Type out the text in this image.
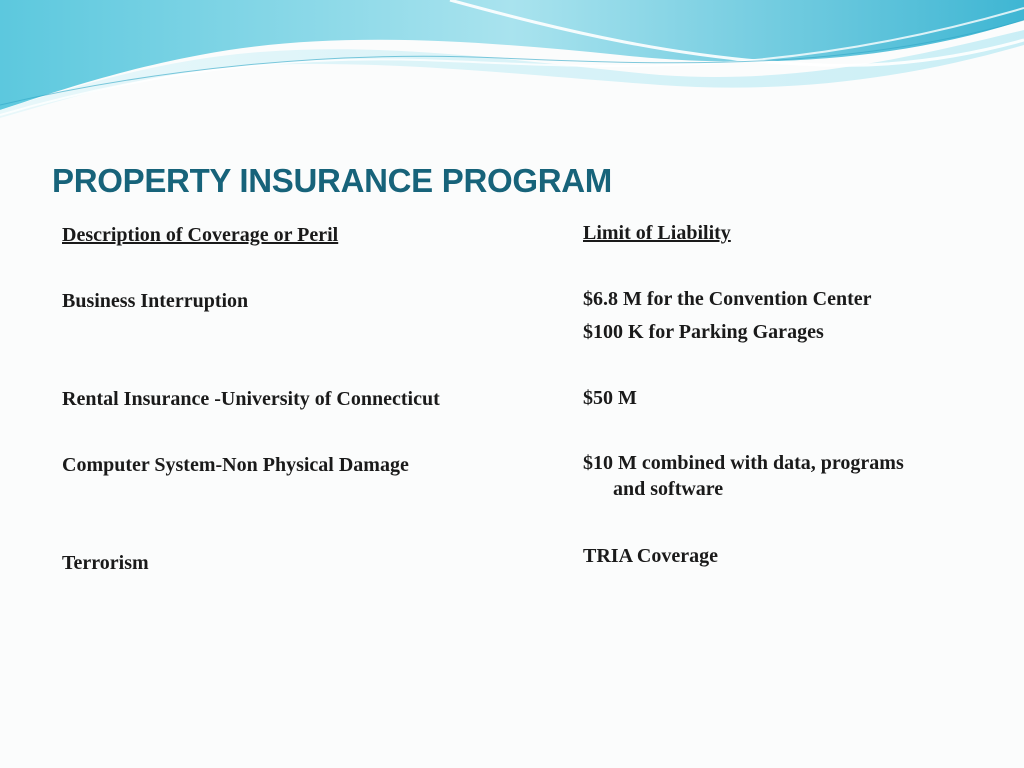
PROPERTY INSURANCE PROGRAM
Description of Coverage or Peril	Limit of Liability
Business Interruption	$6.8 M for the Convention Center
$100 K for Parking Garages
Rental Insurance -University of Connecticut	$50 M
Computer System-Non Physical Damage	$10 M combined with data, programs
and software
Terrorism	TRIA Coverage
